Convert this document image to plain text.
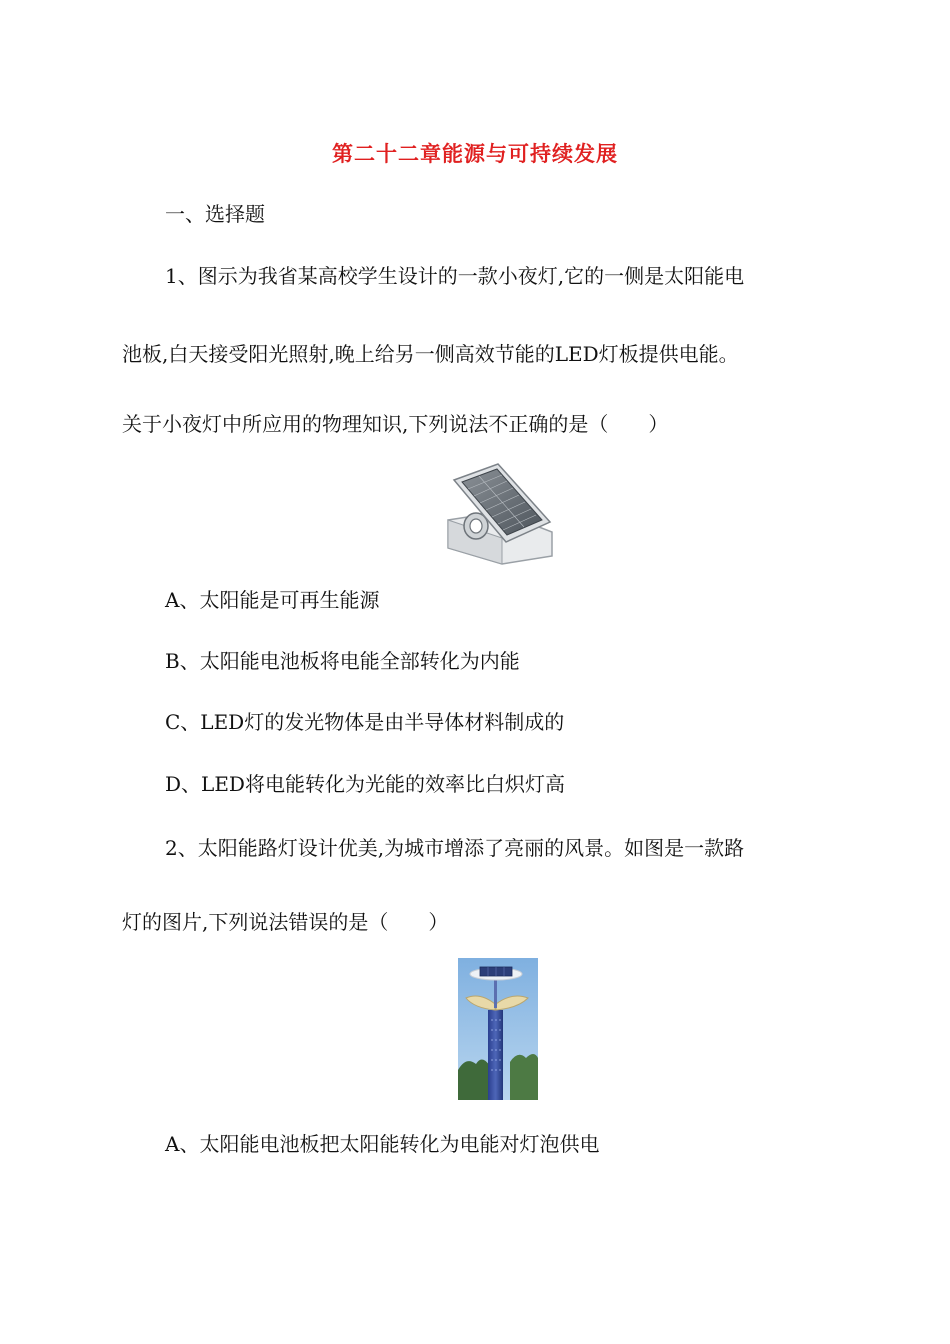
第二十二章能源与可持续发展
一、选择题
1、图示为我省某高校学生设计的一款小夜灯,它的一侧是太阳能电
池板,白天接受阳光照射,晚上给另一侧高效节能的LED灯板提供电能。
关于小夜灯中所应用的物理知识,下列说法不正确的是（　　）
A、太阳能是可再生能源
B、太阳能电池板将电能全部转化为内能
C、LED灯的发光物体是由半导体材料制成的
D、LED将电能转化为光能的效率比白炽灯高
2、太阳能路灯设计优美,为城市增添了亮丽的风景。如图是一款路
灯的图片,下列说法错误的是（　　）
A、太阳能电池板把太阳能转化为电能对灯泡供电
